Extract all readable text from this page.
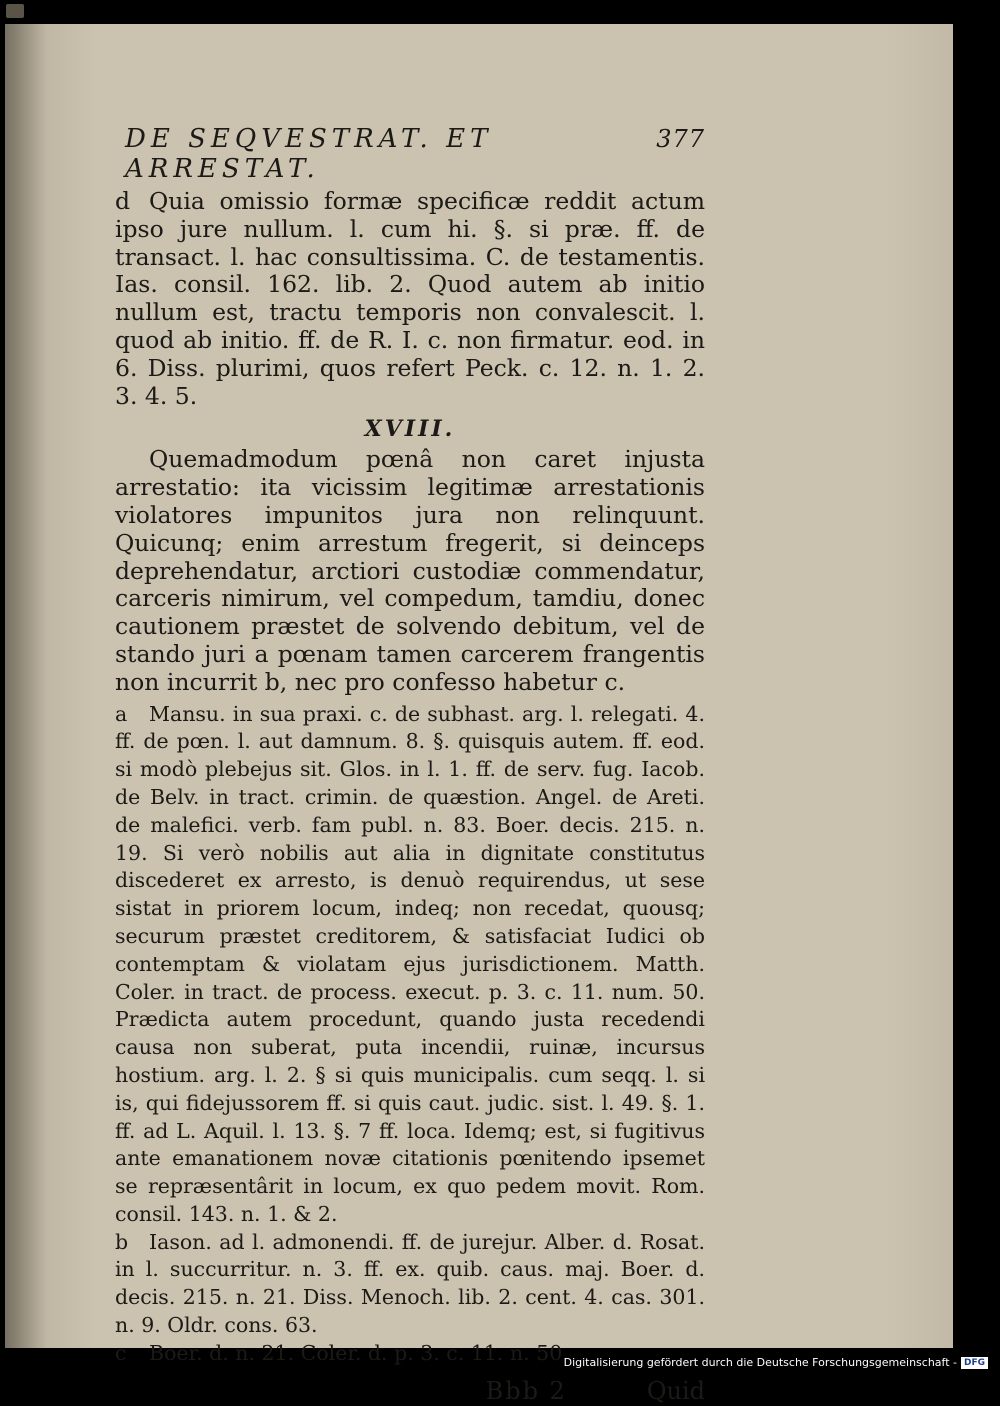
DE SEQVESTRAT. ET ARRESTAT.
377

d Quia omissio formæ specificæ reddit actum ipso jure nullum. l. cum hi. §. si præ. ff. de transact. l. hac consultissima. C. de testamentis. Ias. consil. 162. lib. 2. Quod autem ab initio nullum est, tractu temporis non convalescit. l. quod ab initio. ff. de R. I. c. non firmatur. eod. in 6. Diss. plurimi, quos refert Peck. c. 12. n. 1. 2. 3. 4. 5.

XVIII.

Quemadmodum pœnâ non caret injusta arrestatio: ita vicissim legitimæ arrestationis violatores impunitos jura non relinquunt. Quicunq; enim arrestum fregerit, si deinceps deprehendatur, arctiori custodiæ commendatur, carceris nimirum, vel compedum, tamdiu, donec cautionem præstet de solvendo debitum, vel de stando juri a pœnam tamen carcerem frangentis non incurrit b, nec pro confesso habetur c.

a Mansu. in sua praxi. c. de subhast. arg. l. relegati. 4. ff. de pœn. l. aut damnum. 8. §. quisquis autem. ff. eod. si modò plebejus sit. Glos. in l. 1. ff. de serv. fug. Iacob. de Belv. in tract. crimin. de quæstion. Angel. de Areti. de malefici. verb. fam publ. n. 83. Boer. decis. 215. n. 19. Si verò nobilis aut alia in dignitate constitutus discederet ex arresto, is denuò requirendus, ut sese sistat in priorem locum, indeq; non recedat, quousq; securum præstet creditorem, & satisfaciat Iudici ob contemptam & violatam ejus jurisdictionem. Matth. Coler. in tract. de process. execut. p. 3. c. 11. num. 50. Prædicta autem procedunt, quando justa recedendi causa non suberat, puta incendii, ruinæ, incursus hostium. arg. l. 2. § si quis municipalis. cum seqq. l. si is, qui fidejussorem ff. si quis caut. judic. sist. l. 49. §. 1. ff. ad L. Aquil. l. 13. §. 7 ff. loca. Idemq; est, si fugitivus ante emanationem novæ citationis pœnitendo ipsemet se repræsentârit in locum, ex quo pedem movit. Rom. consil. 143. n. 1. & 2.

b Iason. ad l. admonendi. ff. de jurejur. Alber. d. Rosat. in l. succurritur. n. 3. ff. ex. quib. caus. maj. Boer. d. decis. 215. n. 21. Diss. Menoch. lib. 2. cent. 4. cas. 301. n. 9. Oldr. cons. 63.

c Boer. d. n. 21. Coler. d. p. 3. c. 11. n. 50.

Bbb 2	Quid
Digitalisierung gefördert durch die Deutsche Forschungsgemeinschaft - DFG
